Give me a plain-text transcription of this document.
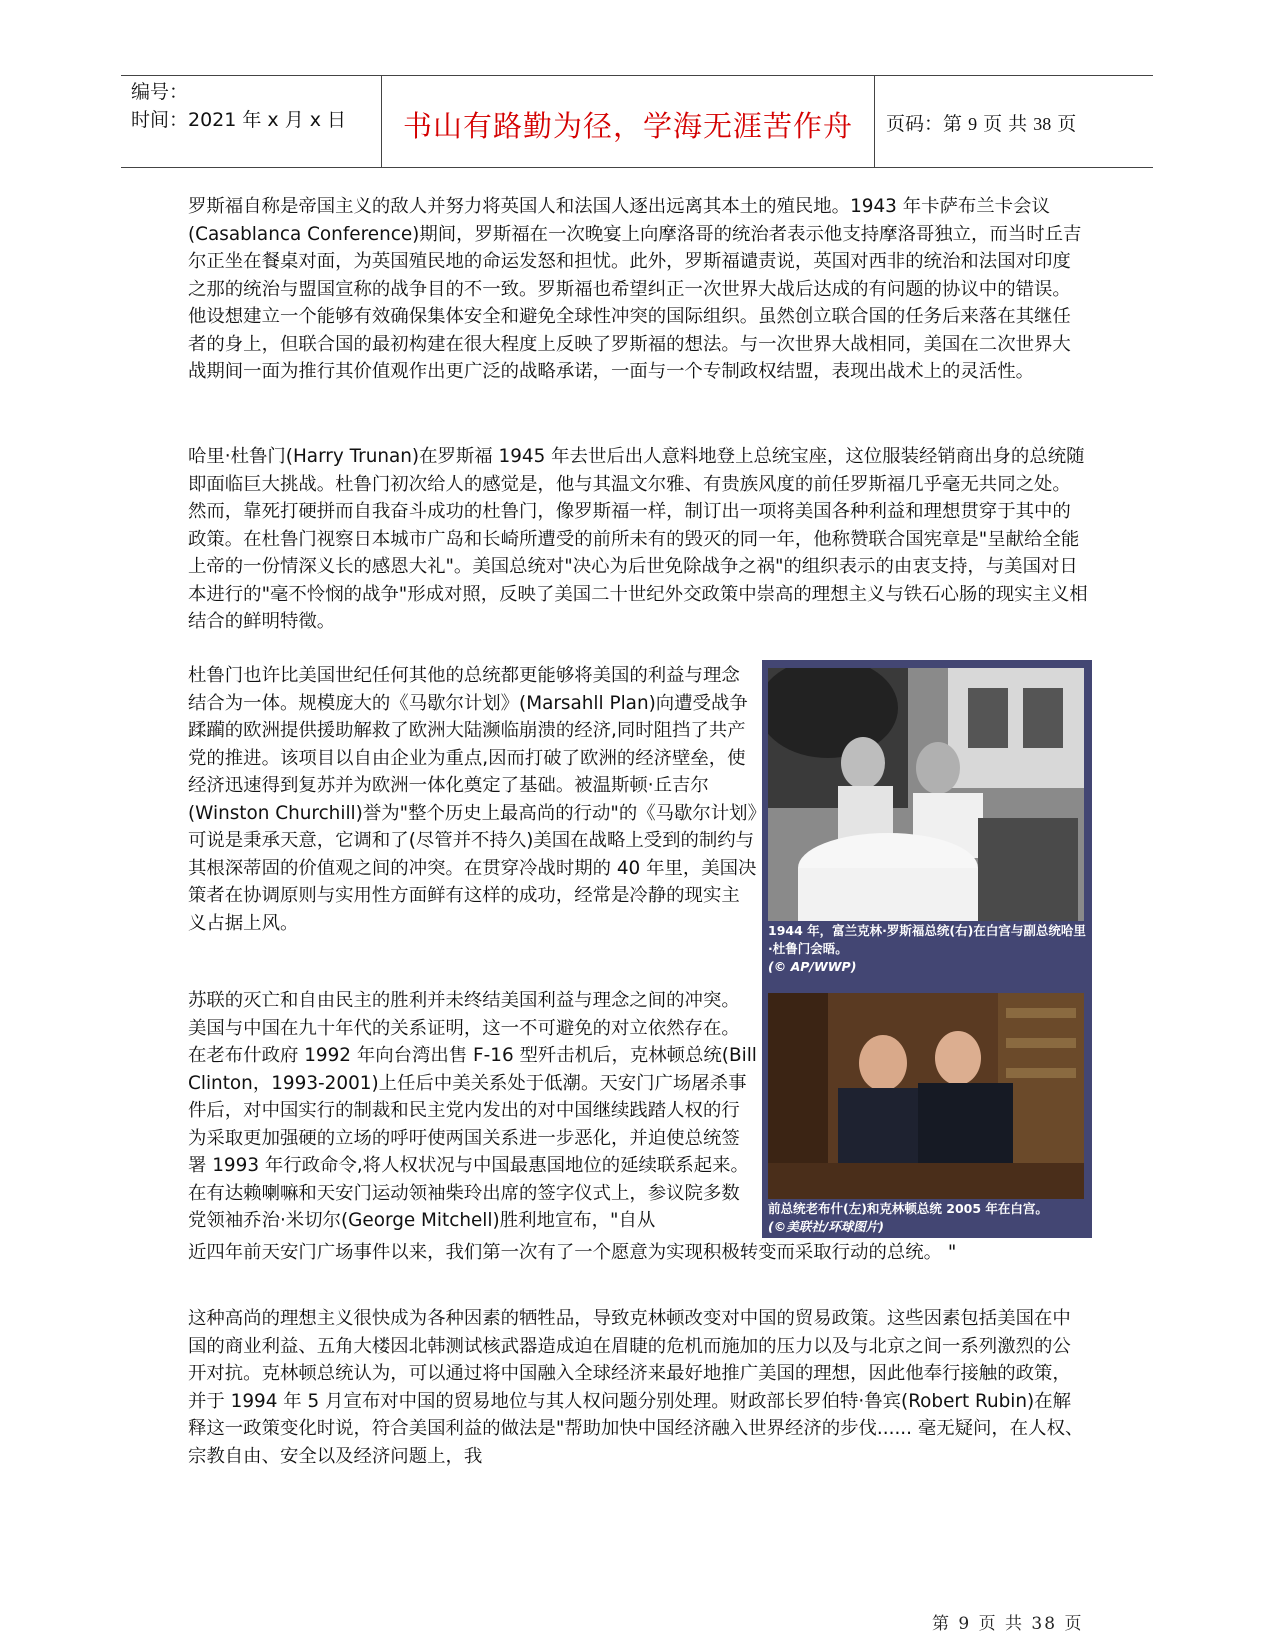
编号：
时间：2021 年 x 月 x 日	书山有路勤为径，学海无涯苦作舟	页码：第 9 页 共 38 页

罗斯福自称是帝国主义的敌人并努力将英国人和法国人逐出远离其本土的殖民地。1943 年卡萨布兰卡会议(Casablanca Conference)期间，罗斯福在一次晚宴上向摩洛哥的统治者表示他支持摩洛哥独立，而当时丘吉尔正坐在餐桌对面，为英国殖民地的命运发怒和担忧。此外，罗斯福谴责说，英国对西非的统治和法国对印度之那的统治与盟国宣称的战争目的不一致。罗斯福也希望纠正一次世界大战后达成的有问题的协议中的错误。他设想建立一个能够有效确保集体安全和避免全球性冲突的国际组织。虽然创立联合国的任务后来落在其继任者的身上，但联合国的最初构建在很大程度上反映了罗斯福的想法。与一次世界大战相同，美国在二次世界大战期间一面为推行其价值观作出更广泛的战略承诺，一面与一个专制政权结盟，表现出战术上的灵活性。

哈里·杜鲁门(Harry Trunan)在罗斯福 1945 年去世后出人意料地登上总统宝座，这位服装经销商出身的总统随即面临巨大挑战。杜鲁门初次给人的感觉是，他与其温文尔雅、有贵族风度的前任罗斯福几乎毫无共同之处。然而，靠死打硬拼而自我奋斗成功的杜鲁门，像罗斯福一样，制订出一项将美国各种利益和理想贯穿于其中的政策。在杜鲁门视察日本城市广岛和长崎所遭受的前所未有的毁灭的同一年，他称赞联合国宪章是"呈献给全能上帝的一份情深义长的感恩大礼"。美国总统对"决心为后世免除战争之祸"的组织表示的由衷支持，与美国对日本进行的"毫不怜悯的战争"形成对照，反映了美国二十世纪外交政策中崇高的理想主义与铁石心肠的现实主义相结合的鲜明特徵。

杜鲁门也许比美国世纪任何其他的总统都更能够将美国的利益与理念结合为一体。规模庞大的《马歇尔计划》(Marsahll Plan)向遭受战争蹂躏的欧洲提供援助解救了欧洲大陆濒临崩溃的经济,同时阻挡了共产党的推进。该项目以自由企业为重点,因而打破了欧洲的经济壁垒，使经济迅速得到复苏并为欧洲一体化奠定了基础。被温斯顿·丘吉尔(Winston Churchill)誉为"整个历史上最高尚的行动"的《马歇尔计划》可说是秉承天意，它调和了(尽管并不持久)美国在战略上受到的制约与其根深蒂固的价值观之间的冲突。在贯穿冷战时期的 40 年里，美国决策者在协调原则与实用性方面鲜有这样的成功，经常是冷静的现实主义占据上风。

苏联的灭亡和自由民主的胜利并未终结美国利益与理念之间的冲突。美国与中国在九十年代的关系证明，这一不可避免的对立依然存在。在老布什政府 1992 年向台湾出售 F-16 型歼击机后，克林顿总统(Bill Clinton，1993-2001)上任后中美关系处于低潮。天安门广场屠杀事件后，对中国实行的制裁和民主党内发出的对中国继续践踏人权的行为采取更加强硬的立场的呼吁使两国关系进一步恶化，并迫使总统签署 1993 年行政命令,将人权状况与中国最惠国地位的延续联系起来。在有达赖喇嘛和天安门运动领袖柴玲出席的签字仪式上，参议院多数党领袖乔治·米切尔(George Mitchell)胜利地宣布，"自从

近四年前天安门广场事件以来，我们第一次有了一个愿意为实现积极转变而采取行动的总统。 "

这种高尚的理想主义很快成为各种因素的牺牲品，导致克林顿改变对中国的贸易政策。这些因素包括美国在中国的商业利益、五角大楼因北韩测试核武器造成迫在眉睫的危机而施加的压力以及与北京之间一系列激烈的公开对抗。克林顿总统认为，可以通过将中国融入全球经济来最好地推广美国的理想，因此他奉行接触的政策，并于 1994 年 5 月宣布对中国的贸易地位与其人权问题分别处理。财政部长罗伯特·鲁宾(Robert Rubin)在解释这一政策变化时说，符合美国利益的做法是"帮助加快中国经济融入世界经济的步伐...... 毫无疑问，在人权、宗教自由、安全以及经济问题上，我

1944 年，富兰克林·罗斯福总统(右)在白宫与副总统哈里 ·杜鲁门会晤。
(© AP/WWP)
前总统老布什(左)和克林顿总统 2005 年在白宫。
(©美联社/环球图片)
第 9 页 共 38 页
